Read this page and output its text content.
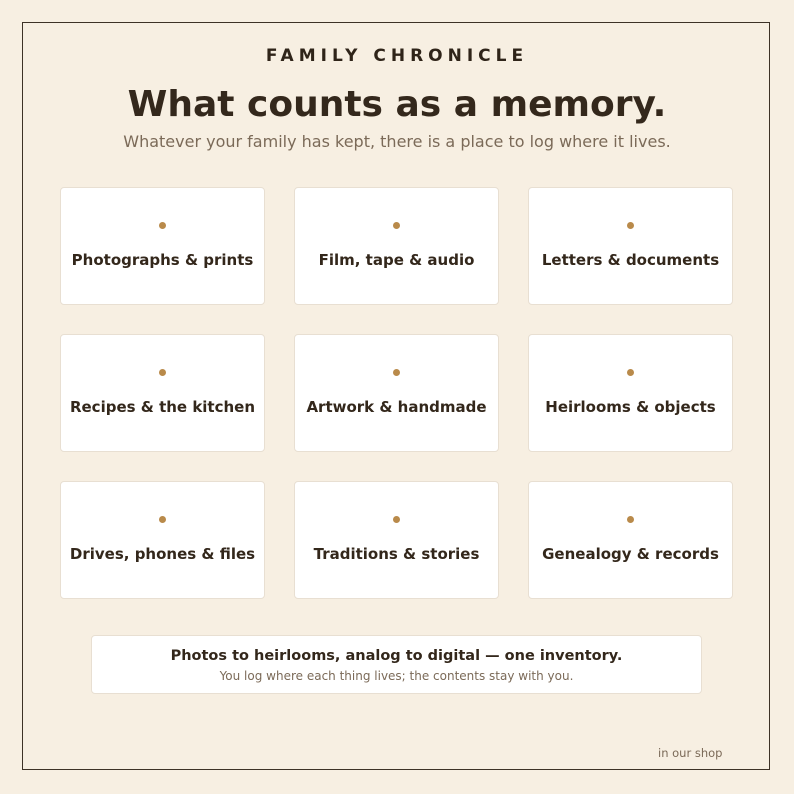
FAMILY CHRONICLE
What counts as a memory.
Whatever your family has kept, there is a place to log where it lives.
Photographs & prints	Film, tape & audio	Letters & documents
Recipes & the kitchen	Artwork & handmade	Heirlooms & objects
Drives, phones & files	Traditions & stories	Genealogy & records
Photos to heirlooms, analog to digital — one inventory.
You log where each thing lives; the contents stay with you.
in our shop
